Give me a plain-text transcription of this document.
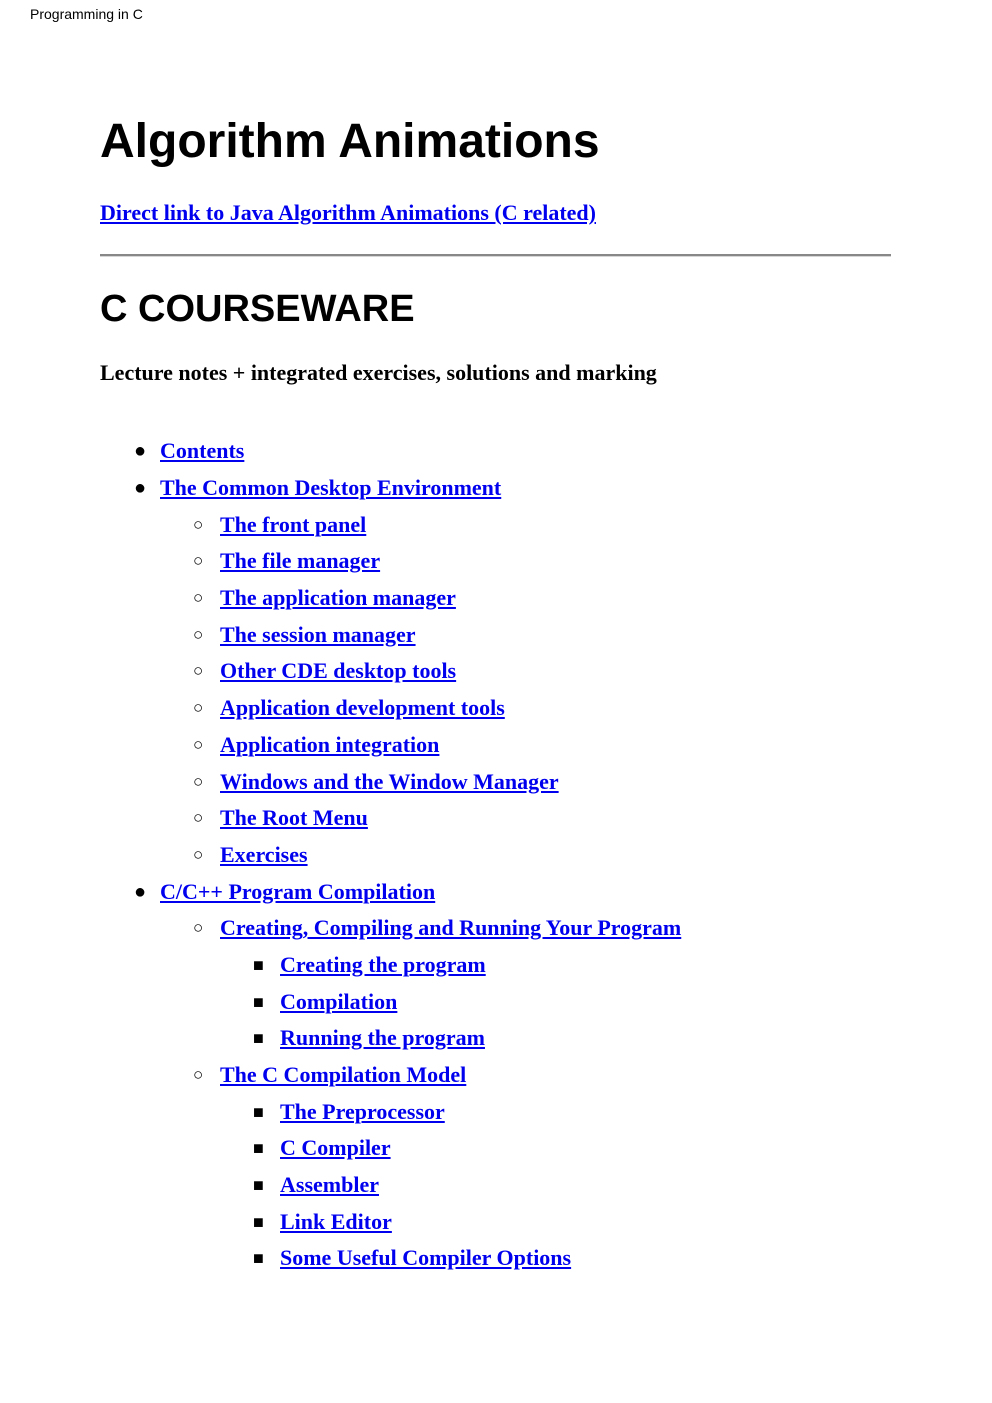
Programming in C
Algorithm Animations
Direct link to Java Algorithm Animations (C related)
C COURSEWARE
Lecture notes + integrated exercises, solutions and marking
● Contents
● The Common Desktop Environment
○ The front panel
○ The file manager
○ The application manager
○ The session manager
○ Other CDE desktop tools
○ Application development tools
○ Application integration
○ Windows and the Window Manager
○ The Root Menu
○ Exercises
● C/C++ Program Compilation
○ Creating, Compiling and Running Your Program
■ Creating the program
■ Compilation
■ Running the program
○ The C Compilation Model
■ The Preprocessor
■ C Compiler
■ Assembler
■ Link Editor
■ Some Useful Compiler Options
